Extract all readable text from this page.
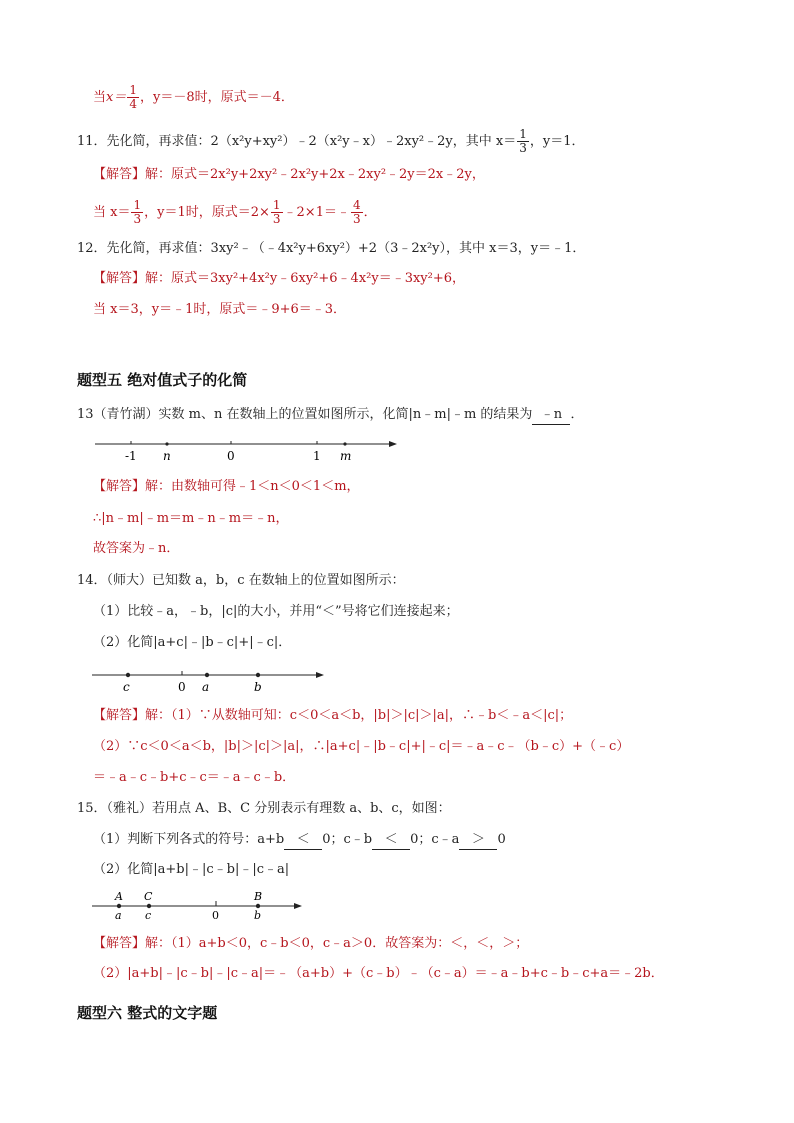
当$x= \frac{1}{4}$ ，y＝－8时，原式＝－4．
11．先化简，再求值：2（x²y+xy²）﹣2（x²y﹣x）﹣2xy²﹣2y，其中 $x= \frac{1}{3}$ ，y＝1．
【解答】解：原式＝2x²y+2xy²﹣2x²y+2x﹣2xy²﹣2y＝2x﹣2y，
当 $x= \frac{1}{3}$ ，y＝1时，原式$=2\times \frac{1}{3}$ ﹣2×1＝﹣ $\frac{4}{3}$ ．
12．先化简，再求值：3xy²﹣（﹣4x²y+6xy²）+2（3﹣2x²y），其中 x＝3，y＝﹣1．
【解答】解：原式＝3xy²+4x²y﹣6xy²+6﹣4x²y＝﹣3xy²+6，
当 x＝3，y＝﹣1时，原式＝﹣9+6＝﹣3．
题型五 绝对值式子的化简
13（青竹湖）实数 m、n 在数轴上的位置如图所示，化简|n﹣m|﹣m 的结果为 ﹣n ．
-1 n	0	1 m
【解答】解：由数轴可得﹣1＜n＜0＜1＜m，
∴|n﹣m|﹣m＝m﹣n﹣m＝﹣n，
故答案为﹣n．
14．（师大）已知数 a，b，c 在数轴上的位置如图所示：
（1）比较﹣a，﹣b，|c|的大小，并用“＜”号将它们连接起来；
（2）化简|a+c|﹣|b﹣c|+|﹣c|．
c	0 a	b
【解答】解：（1）∵从数轴可知：c＜0＜a＜b，|b|＞|c|＞|a|，∴﹣b＜﹣a＜|c|；
（2）∵c＜0＜a＜b，|b|＞|c|＞|a|，∴|a+c|﹣|b﹣c|+|﹣c|＝﹣a﹣c﹣（b﹣c）+（﹣c）
＝﹣a﹣c﹣b+c﹣c＝﹣a﹣c﹣b．
15．（雅礼）若用点 A、B、C 分别表示有理数 a、b、c，如图：
（1）判断下列各式的符号：a+b ＜ 0；c﹣b ＜ 0；c﹣a ＞ 0
（2）化简|a+b|﹣|c﹣b|﹣|c﹣a|
A C	B
a c	0	b
【解答】解：（1）a+b＜0，c﹣b＜0，c﹣a＞0．故答案为：＜，＜，＞；
（2）|a+b|﹣|c﹣b|﹣|c﹣a|＝﹣（a+b）+（c﹣b）﹣（c﹣a）＝﹣a﹣b+c﹣b﹣c+a＝﹣2b．
题型六 整式的文字题
